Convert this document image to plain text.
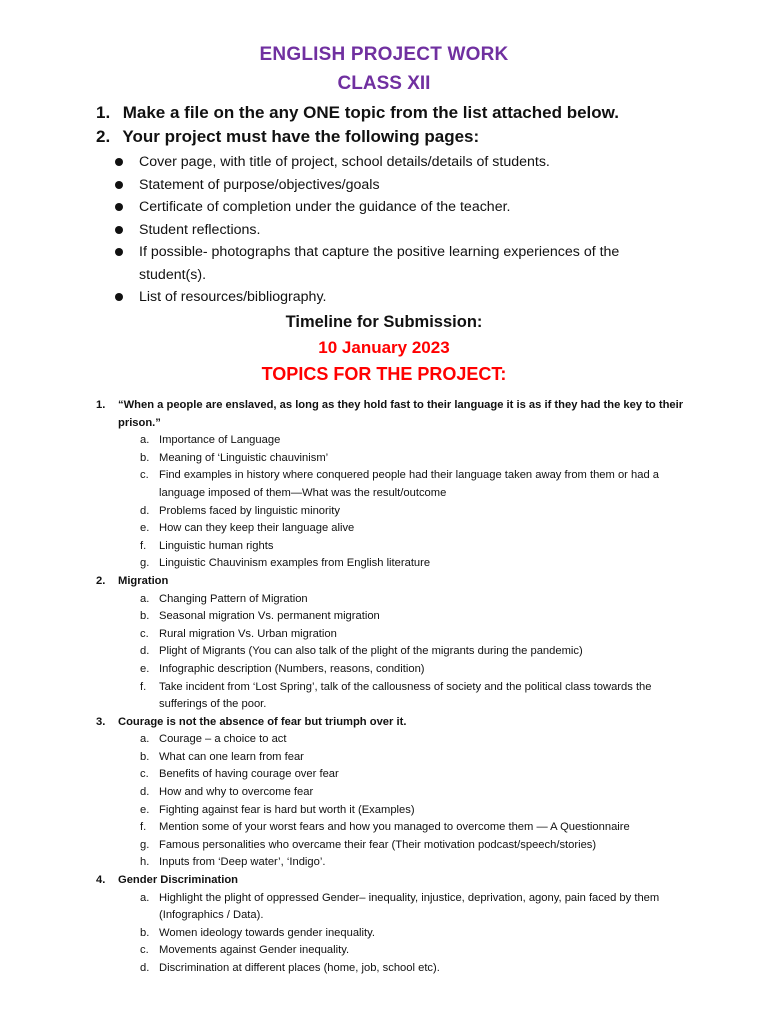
ENGLISH PROJECT WORK
CLASS XII
1. Make a file on the any ONE topic from the list attached below.
2. Your project must have the following pages:
Cover page, with title of project, school details/details of students.
Statement of purpose/objectives/goals
Certificate of completion under the guidance of the teacher.
Student reflections.
If possible- photographs that capture the positive learning experiences of the student(s).
List of resources/bibliography.
Timeline for Submission:
10 January 2023
TOPICS FOR THE PROJECT:
1. “When a people are enslaved, as long as they hold fast to their language it is as if they had the key to their prison.”
a. Importance of Language
b. Meaning of ‘Linguistic chauvinism’
c. Find examples in history where conquered people had their language taken away from them or had a language imposed of them—What was the result/outcome
d. Problems faced by linguistic minority
e. How can they keep their language alive
f. Linguistic human rights
g. Linguistic Chauvinism examples from English literature
2. Migration
a. Changing Pattern of Migration
b. Seasonal migration Vs. permanent migration
c. Rural migration Vs. Urban migration
d. Plight of Migrants (You can also talk of the plight of the migrants during the pandemic)
e. Infographic description (Numbers, reasons, condition)
f. Take incident from ‘Lost Spring’, talk of the callousness of society and the political class towards the sufferings of the poor.
3. Courage is not the absence of fear but triumph over it.
a. Courage – a choice to act
b. What can one learn from fear
c. Benefits of having courage over fear
d. How and why to overcome fear
e. Fighting against fear is hard but worth it (Examples)
f. Mention some of your worst fears and how you managed to overcome them — A Questionnaire
g. Famous personalities who overcame their fear (Their motivation podcast/speech/stories)
h. Inputs from ‘Deep water’, ‘Indigo’.
4. Gender Discrimination
a. Highlight the plight of oppressed Gender– inequality, injustice, deprivation, agony, pain faced by them (Infographics / Data).
b. Women ideology towards gender inequality.
c. Movements against Gender inequality.
d. Discrimination at different places (home, job, school etc).
